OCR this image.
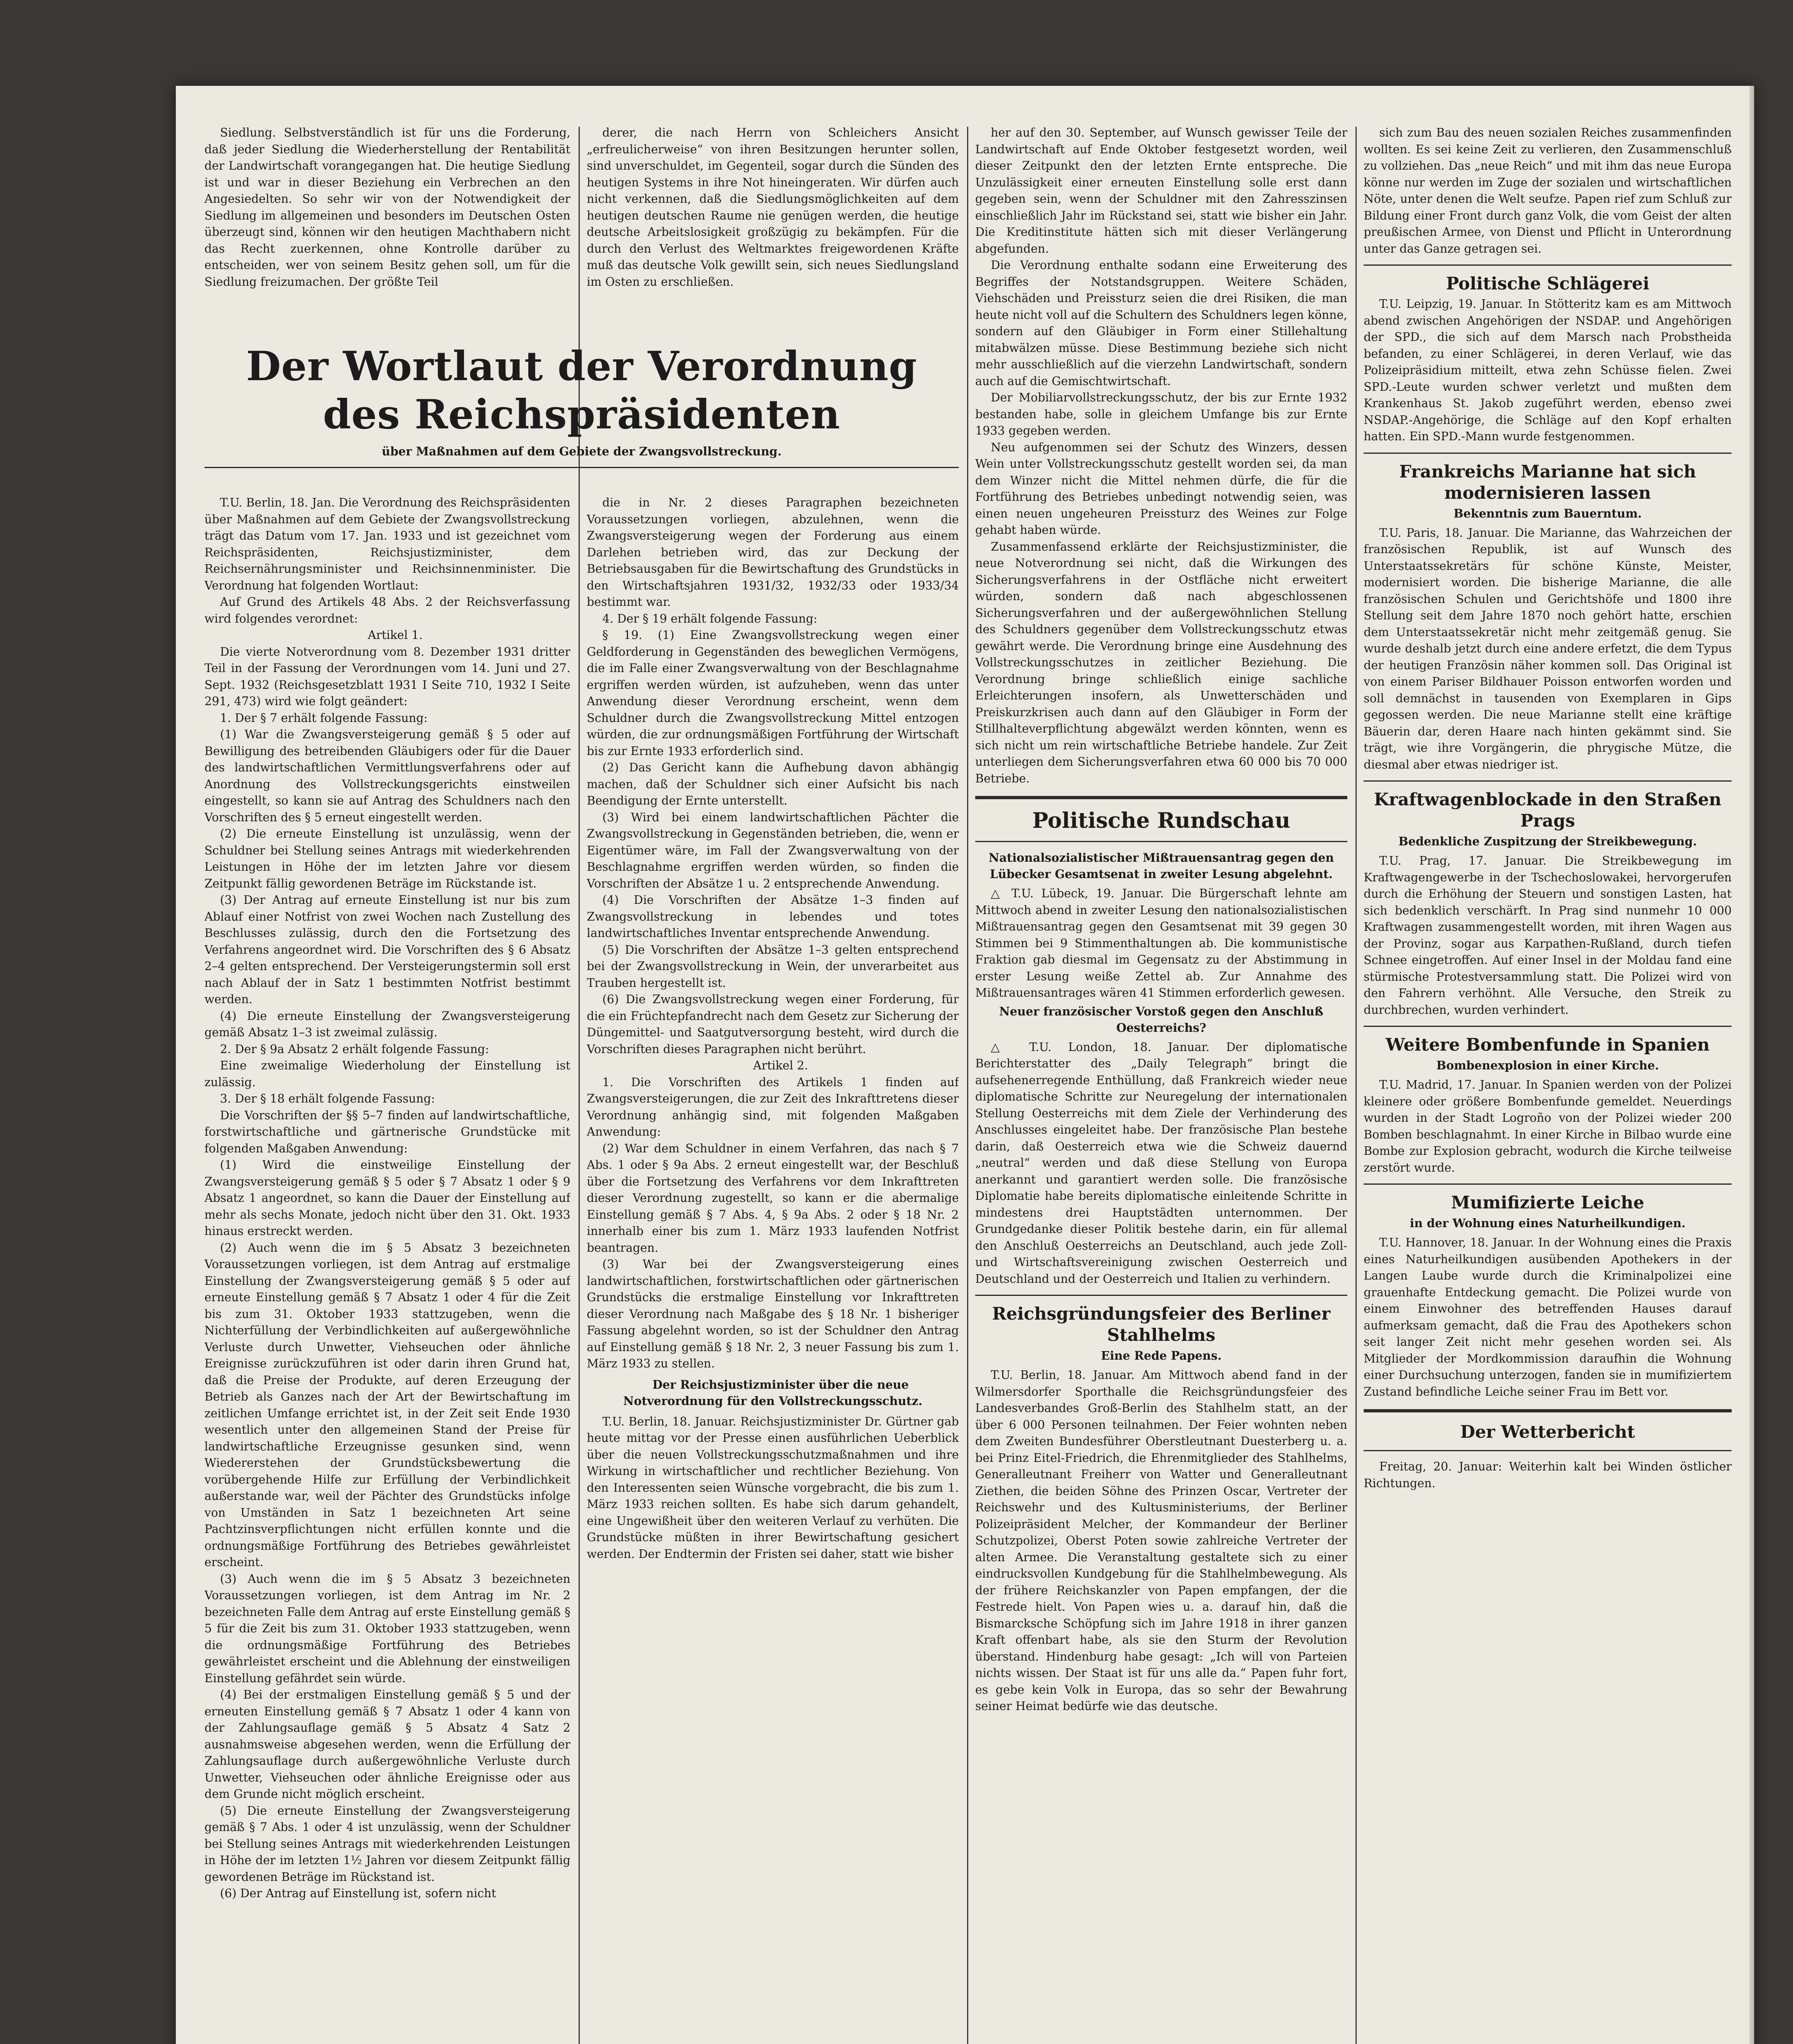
Siedlung. Selbstverständlich ist für uns die Forderung, daß jeder Siedlung die Wiederherstellung der Rentabilität der Landwirtschaft vorangegangen hat. Die heutige Siedlung ist und war in dieser Beziehung ein Verbrechen an den Angesiedelten. So sehr wir von der Notwendigkeit der Siedlung im allgemeinen und besonders im Deutschen Osten überzeugt sind, können wir den heutigen Machthabern nicht das Recht zuerkennen, ohne Kontrolle darüber zu entscheiden, wer von seinem Besitz gehen soll, um für die Siedlung freizumachen. Der größte Teil

derer, die nach Herrn von Schleichers Ansicht „erfreulicherweise“ von ihren Besitzungen herunter sollen, sind unverschuldet, im Gegenteil, sogar durch die Sünden des heutigen Systems in ihre Not hineingeraten. Wir dürfen auch nicht verkennen, daß die Siedlungsmöglichkeiten auf dem heutigen deutschen Raume nie genügen werden, die heutige deutsche Arbeitslosigkeit großzügig zu bekämpfen. Für die durch den Verlust des Weltmarktes freigewordenen Kräfte muß das deutsche Volk gewillt sein, sich neues Siedlungsland im Osten zu erschließen.

Der Wortlaut der Verordnung des Reichspräsidenten
über Maßnahmen auf dem Gebiete der Zwangsvollstreckung.

T.U. Berlin, 18. Jan. Die Verordnung des Reichspräsidenten über Maßnahmen auf dem Gebiete der Zwangsvollstreckung trägt das Datum vom 17. Jan. 1933 und ist gezeichnet vom Reichspräsidenten, Reichsjustizminister, dem Reichsernährungsminister und Reichsinnenminister. Die Verordnung hat folgenden Wortlaut:

Auf Grund des Artikels 48 Abs. 2 der Reichsverfassung wird folgendes verordnet:

Artikel 1.

Die vierte Notverordnung vom 8. Dezember 1931 dritter Teil in der Fassung der Verordnungen vom 14. Juni und 27. Sept. 1932 (Reichsgesetzblatt 1931 I Seite 710, 1932 I Seite 291, 473) wird wie folgt geändert:

1. Der § 7 erhält folgende Fassung:

(1) War die Zwangsversteigerung gemäß § 5 oder auf Bewilligung des betreibenden Gläubigers oder für die Dauer des landwirtschaftlichen Vermittlungsverfahrens oder auf Anordnung des Vollstreckungsgerichts einstweilen eingestellt, so kann sie auf Antrag des Schuldners nach den Vorschriften des § 5 erneut eingestellt werden.

(2) Die erneute Einstellung ist unzulässig, wenn der Schuldner bei Stellung seines Antrags mit wiederkehrenden Leistungen in Höhe der im letzten Jahre vor diesem Zeitpunkt fällig gewordenen Beträge im Rückstande ist.

(3) Der Antrag auf erneute Einstellung ist nur bis zum Ablauf einer Notfrist von zwei Wochen nach Zustellung des Beschlusses zulässig, durch den die Fortsetzung des Verfahrens angeordnet wird. Die Vorschriften des § 6 Absatz 2–4 gelten entsprechend. Der Versteigerungstermin soll erst nach Ablauf der in Satz 1 bestimmten Notfrist bestimmt werden.

(4) Die erneute Einstellung der Zwangsversteigerung gemäß Absatz 1–3 ist zweimal zulässig.

2. Der § 9a Absatz 2 erhält folgende Fassung:

Eine zweimalige Wiederholung der Einstellung ist zulässig.

3. Der § 18 erhält folgende Fassung:

Die Vorschriften der §§ 5–7 finden auf landwirtschaftliche, forstwirtschaftliche und gärtnerische Grundstücke mit folgenden Maßgaben Anwendung:

(1) Wird die einstweilige Einstellung der Zwangsversteigerung gemäß § 5 oder § 7 Absatz 1 oder § 9 Absatz 1 angeordnet, so kann die Dauer der Einstellung auf mehr als sechs Monate, jedoch nicht über den 31. Okt. 1933 hinaus erstreckt werden.

(2) Auch wenn die im § 5 Absatz 3 bezeichneten Voraussetzungen vorliegen, ist dem Antrag auf erstmalige Einstellung der Zwangsversteigerung gemäß § 5 oder auf erneute Einstellung gemäß § 7 Absatz 1 oder 4 für die Zeit bis zum 31. Oktober 1933 stattzugeben, wenn die Nichterfüllung der Verbindlichkeiten auf außergewöhnliche Verluste durch Unwetter, Viehseuchen oder ähnliche Ereignisse zurückzuführen ist oder darin ihren Grund hat, daß die Preise der Produkte, auf deren Erzeugung der Betrieb als Ganzes nach der Art der Bewirtschaftung im zeitlichen Umfange errichtet ist, in der Zeit seit Ende 1930 wesentlich unter den allgemeinen Stand der Preise für landwirtschaftliche Erzeugnisse gesunken sind, wenn Wiedererstehen der Grundstücksbewertung die vorübergehende Hilfe zur Erfüllung der Verbindlichkeit außerstande war, weil der Pächter des Grundstücks infolge von Umständen in Satz 1 bezeichneten Art seine Pachtzinsverpflichtungen nicht erfüllen konnte und die ordnungsmäßige Fortführung des Betriebes gewährleistet erscheint.

(3) Auch wenn die im § 5 Absatz 3 bezeichneten Voraussetzungen vorliegen, ist dem Antrag im Nr. 2 bezeichneten Falle dem Antrag auf erste Einstellung gemäß § 5 für die Zeit bis zum 31. Oktober 1933 stattzugeben, wenn die ordnungsmäßige Fortführung des Betriebes gewährleistet erscheint und die Ablehnung der einstweiligen Einstellung gefährdet sein würde.

(4) Bei der erstmaligen Einstellung gemäß § 5 und der erneuten Einstellung gemäß § 7 Absatz 1 oder 4 kann von der Zahlungsauflage gemäß § 5 Absatz 4 Satz 2 ausnahmsweise abgesehen werden, wenn die Erfüllung der Zahlungsauflage durch außergewöhnliche Verluste durch Unwetter, Viehseuchen oder ähnliche Ereignisse oder aus dem Grunde nicht möglich erscheint.

(5) Die erneute Einstellung der Zwangsversteigerung gemäß § 7 Abs. 1 oder 4 ist unzulässig, wenn der Schuldner bei Stellung seines Antrags mit wiederkehrenden Leistungen in Höhe der im letzten 1½ Jahren vor diesem Zeitpunkt fällig gewordenen Beträge im Rückstand ist.

(6) Der Antrag auf Einstellung ist, sofern nicht

die in Nr. 2 dieses Paragraphen bezeichneten Voraussetzungen vorliegen, abzulehnen, wenn die Zwangsversteigerung wegen der Forderung aus einem Darlehen betrieben wird, das zur Deckung der Betriebsausgaben für die Bewirtschaftung des Grundstücks in den Wirtschaftsjahren 1931/32, 1932/33 oder 1933/34 bestimmt war.

4. Der § 19 erhält folgende Fassung:

§ 19. (1) Eine Zwangsvollstreckung wegen einer Geldforderung in Gegenständen des beweglichen Vermögens, die im Falle einer Zwangsverwaltung von der Beschlagnahme ergriffen werden würden, ist aufzuheben, wenn das unter Anwendung dieser Verordnung erscheint, wenn dem Schuldner durch die Zwangsvollstreckung Mittel entzogen würden, die zur ordnungsmäßigen Fortführung der Wirtschaft bis zur Ernte 1933 erforderlich sind.

(2) Das Gericht kann die Aufhebung davon abhängig machen, daß der Schuldner sich einer Aufsicht bis nach Beendigung der Ernte unterstellt.

(3) Wird bei einem landwirtschaftlichen Pächter die Zwangsvollstreckung in Gegenständen betrieben, die, wenn er Eigentümer wäre, im Fall der Zwangsverwaltung von der Beschlagnahme ergriffen werden würden, so finden die Vorschriften der Absätze 1 u. 2 entsprechende Anwendung.

(4) Die Vorschriften der Absätze 1–3 finden auf Zwangsvollstreckung in lebendes und totes landwirtschaftliches Inventar entsprechende Anwendung.

(5) Die Vorschriften der Absätze 1–3 gelten entsprechend bei der Zwangsvollstreckung in Wein, der unverarbeitet aus Trauben hergestellt ist.

(6) Die Zwangsvollstreckung wegen einer Forderung, für die ein Früchtepfandrecht nach dem Gesetz zur Sicherung der Düngemittel- und Saatgutversorgung besteht, wird durch die Vorschriften dieses Paragraphen nicht berührt.

Artikel 2.

1. Die Vorschriften des Artikels 1 finden auf Zwangsversteigerungen, die zur Zeit des Inkrafttretens dieser Verordnung anhängig sind, mit folgenden Maßgaben Anwendung:

(2) War dem Schuldner in einem Verfahren, das nach § 7 Abs. 1 oder § 9a Abs. 2 erneut eingestellt war, der Beschluß über die Fortsetzung des Verfahrens vor dem Inkrafttreten dieser Verordnung zugestellt, so kann er die abermalige Einstellung gemäß § 7 Abs. 4, § 9a Abs. 2 oder § 18 Nr. 2 innerhalb einer bis zum 1. März 1933 laufenden Notfrist beantragen.

(3) War bei der Zwangsversteigerung eines landwirtschaftlichen, forstwirtschaftlichen oder gärtnerischen Grundstücks die erstmalige Einstellung vor Inkrafttreten dieser Verordnung nach Maßgabe des § 18 Nr. 1 bisheriger Fassung abgelehnt worden, so ist der Schuldner den Antrag auf Einstellung gemäß § 18 Nr. 2, 3 neuer Fassung bis zum 1. März 1933 zu stellen.

Der Reichsjustizminister über die neue Notverordnung für den Vollstreckungsschutz.

T.U. Berlin, 18. Januar. Reichsjustizminister Dr. Gürtner gab heute mittag vor der Presse einen ausführlichen Ueberblick über die neuen Vollstreckungsschutzmaßnahmen und ihre Wirkung in wirtschaftlicher und rechtlicher Beziehung. Von den Interessenten seien Wünsche vorgebracht, die bis zum 1. März 1933 reichen sollten. Es habe sich darum gehandelt, eine Ungewißheit über den weiteren Verlauf zu verhüten. Die Grundstücke müßten in ihrer Bewirtschaftung gesichert werden. Der Endtermin der Fristen sei daher, statt wie bisher

her auf den 30. September, auf Wunsch gewisser Teile der Landwirtschaft auf Ende Oktober festgesetzt worden, weil dieser Zeitpunkt den der letzten Ernte entspreche. Die Unzulässigkeit einer erneuten Einstellung solle erst dann gegeben sein, wenn der Schuldner mit den Zahresszinsen einschließlich Jahr im Rückstand sei, statt wie bisher ein Jahr. Die Kreditinstitute hätten sich mit dieser Verlängerung abgefunden.

Die Verordnung enthalte sodann eine Erweiterung des Begriffes der Notstandsgruppen. Weitere Schäden, Viehschäden und Preissturz seien die drei Risiken, die man heute nicht voll auf die Schultern des Schuldners legen könne, sondern auf den Gläubiger in Form einer Stillehaltung mitabwälzen müsse. Diese Bestimmung beziehe sich nicht mehr ausschließlich auf die vierzehn Landwirtschaft, sondern auch auf die Gemischtwirtschaft.

Der Mobiliarvollstreckungsschutz, der bis zur Ernte 1932 bestanden habe, solle in gleichem Umfange bis zur Ernte 1933 gegeben werden.

Neu aufgenommen sei der Schutz des Winzers, dessen Wein unter Vollstreckungsschutz gestellt worden sei, da man dem Winzer nicht die Mittel nehmen dürfe, die für die Fortführung des Betriebes unbedingt notwendig seien, was einen neuen ungeheuren Preissturz des Weines zur Folge gehabt haben würde.

Zusammenfassend erklärte der Reichsjustizminister, die neue Notverordnung sei nicht, daß die Wirkungen des Sicherungsverfahrens in der Ostfläche nicht erweitert würden, sondern daß nach abgeschlossenen Sicherungsverfahren und der außergewöhnlichen Stellung des Schuldners gegenüber dem Vollstreckungsschutz etwas gewährt werde. Die Verordnung bringe eine Ausdehnung des Vollstreckungsschutzes in zeitlicher Beziehung. Die Verordnung bringe schließlich einige sachliche Erleichterungen insofern, als Unwetterschäden und Preiskurzkrisen auch dann auf den Gläubiger in Form der Stillhalteverpflichtung abgewälzt werden könnten, wenn es sich nicht um rein wirtschaftliche Betriebe handele. Zur Zeit unterliegen dem Sicherungsverfahren etwa 60 000 bis 70 000 Betriebe.

Politische Rundschau
Nationalsozialistischer Mißtrauensantrag gegen den Lübecker Gesamtsenat in zweiter Lesung abgelehnt.

△ T.U. Lübeck, 19. Januar. Die Bürgerschaft lehnte am Mittwoch abend in zweiter Lesung den nationalsozialistischen Mißtrauensantrag gegen den Gesamtsenat mit 39 gegen 30 Stimmen bei 9 Stimmenthaltungen ab. Die kommunistische Fraktion gab diesmal im Gegensatz zu der Abstimmung in erster Lesung weiße Zettel ab. Zur Annahme des Mißtrauensantrages wären 41 Stimmen erforderlich gewesen.

Neuer französischer Vorstoß gegen den Anschluß Oesterreichs?

△ T.U. London, 18. Januar. Der diplomatische Berichterstatter des „Daily Telegraph“ bringt die aufsehenerregende Enthüllung, daß Frankreich wieder neue diplomatische Schritte zur Neuregelung der internationalen Stellung Oesterreichs mit dem Ziele der Verhinderung des Anschlusses eingeleitet habe. Der französische Plan bestehe darin, daß Oesterreich etwa wie die Schweiz dauernd „neutral“ werden und daß diese Stellung von Europa anerkannt und garantiert werden solle. Die französische Diplomatie habe bereits diplomatische einleitende Schritte in mindestens drei Hauptstädten unternommen. Der Grundgedanke dieser Politik bestehe darin, ein für allemal den Anschluß Oesterreichs an Deutschland, auch jede Zoll- und Wirtschaftsvereinigung zwischen Oesterreich und Deutschland und der Oesterreich und Italien zu verhindern.

Reichsgründungsfeier des Berliner Stahlhelms
Eine Rede Papens.

T.U. Berlin, 18. Januar. Am Mittwoch abend fand in der Wilmersdorfer Sporthalle die Reichsgründungsfeier des Landesverbandes Groß-Berlin des Stahlhelm statt, an der über 6 000 Personen teilnahmen. Der Feier wohnten neben dem Zweiten Bundesführer Oberstleutnant Duesterberg u. a. bei Prinz Eitel-Friedrich, die Ehrenmitglieder des Stahlhelms, Generalleutnant Freiherr von Watter und Generalleutnant Ziethen, die beiden Söhne des Prinzen Oscar, Vertreter der Reichswehr und des Kultusministeriums, der Berliner Polizeipräsident Melcher, der Kommandeur der Berliner Schutzpolizei, Oberst Poten sowie zahlreiche Vertreter der alten Armee. Die Veranstaltung gestaltete sich zu einer eindrucksvollen Kundgebung für die Stahlhelmbewegung. Als der frühere Reichskanzler von Papen empfangen, der die Festrede hielt. Von Papen wies u. a. darauf hin, daß die Bismarcksche Schöpfung sich im Jahre 1918 in ihrer ganzen Kraft offenbart habe, als sie den Sturm der Revolution überstand. Hindenburg habe gesagt: „Ich will von Parteien nichts wissen. Der Staat ist für uns alle da.“ Papen fuhr fort, es gebe kein Volk in Europa, das so sehr der Bewahrung seiner Heimat bedürfe wie das deutsche.

sich zum Bau des neuen sozialen Reiches zusammenfinden wollten. Es sei keine Zeit zu verlieren, den Zusammenschluß zu vollziehen. Das „neue Reich“ und mit ihm das neue Europa könne nur werden im Zuge der sozialen und wirtschaftlichen Nöte, unter denen die Welt seufze. Papen rief zum Schluß zur Bildung einer Front durch ganz Volk, die vom Geist der alten preußischen Armee, von Dienst und Pflicht in Unterordnung unter das Ganze getragen sei.

Politische Schlägerei

T.U. Leipzig, 19. Januar. In Stötteritz kam es am Mittwoch abend zwischen Angehörigen der NSDAP. und Angehörigen der SPD., die sich auf dem Marsch nach Probstheida befanden, zu einer Schlägerei, in deren Verlauf, wie das Polizeipräsidium mitteilt, etwa zehn Schüsse fielen. Zwei SPD.-Leute wurden schwer verletzt und mußten dem Krankenhaus St. Jakob zugeführt werden, ebenso zwei NSDAP.-Angehörige, die Schläge auf den Kopf erhalten hatten. Ein SPD.-Mann wurde festgenommen.

Frankreichs Marianne hat sich modernisieren lassen
Bekenntnis zum Bauerntum.

T.U. Paris, 18. Januar. Die Marianne, das Wahrzeichen der französischen Republik, ist auf Wunsch des Unterstaatssekretärs für schöne Künste, Meister, modernisiert worden. Die bisherige Marianne, die alle französischen Schulen und Gerichtshöfe und 1800 ihre Stellung seit dem Jahre 1870 noch gehört hatte, erschien dem Unterstaatssekretär nicht mehr zeitgemäß genug. Sie wurde deshalb jetzt durch eine andere erfetzt, die dem Typus der heutigen Französin näher kommen soll. Das Original ist von einem Pariser Bildhauer Poisson entworfen worden und soll demnächst in tausenden von Exemplaren in Gips gegossen werden. Die neue Marianne stellt eine kräftige Bäuerin dar, deren Haare nach hinten gekämmt sind. Sie trägt, wie ihre Vorgängerin, die phrygische Mütze, die diesmal aber etwas niedriger ist.

Kraftwagenblockade in den Straßen Prags
Bedenkliche Zuspitzung der Streikbewegung.

T.U. Prag, 17. Januar. Die Streikbewegung im Kraftwagengewerbe in der Tschechoslowakei, hervorgerufen durch die Erhöhung der Steuern und sonstigen Lasten, hat sich bedenklich verschärft. In Prag sind nunmehr 10 000 Kraftwagen zusammengestellt worden, mit ihren Wagen aus der Provinz, sogar aus Karpathen-Rußland, durch tiefen Schnee eingetroffen. Auf einer Insel in der Moldau fand eine stürmische Protestversammlung statt. Die Polizei wird von den Fahrern verhöhnt. Alle Versuche, den Streik zu durchbrechen, wurden verhindert.

Weitere Bombenfunde in Spanien
Bombenexplosion in einer Kirche.

T.U. Madrid, 17. Januar. In Spanien werden von der Polizei kleinere oder größere Bombenfunde gemeldet. Neuerdings wurden in der Stadt Logroño von der Polizei wieder 200 Bomben beschlagnahmt. In einer Kirche in Bilbao wurde eine Bombe zur Explosion gebracht, wodurch die Kirche teilweise zerstört wurde.

Mumifizierte Leiche
in der Wohnung eines Naturheilkundigen.

T.U. Hannover, 18. Januar. In der Wohnung eines die Praxis eines Naturheilkundigen ausübenden Apothekers in der Langen Laube wurde durch die Kriminalpolizei eine grauenhafte Entdeckung gemacht. Die Polizei wurde von einem Einwohner des betreffenden Hauses darauf aufmerksam gemacht, daß die Frau des Apothekers schon seit langer Zeit nicht mehr gesehen worden sei. Als Mitglieder der Mordkommission daraufhin die Wohnung einer Durchsuchung unterzogen, fanden sie in mumifiziertem Zustand befindliche Leiche seiner Frau im Bett vor.

Der Wetterbericht

Freitag, 20. Januar: Weiterhin kalt bei Winden östlicher Richtungen.
